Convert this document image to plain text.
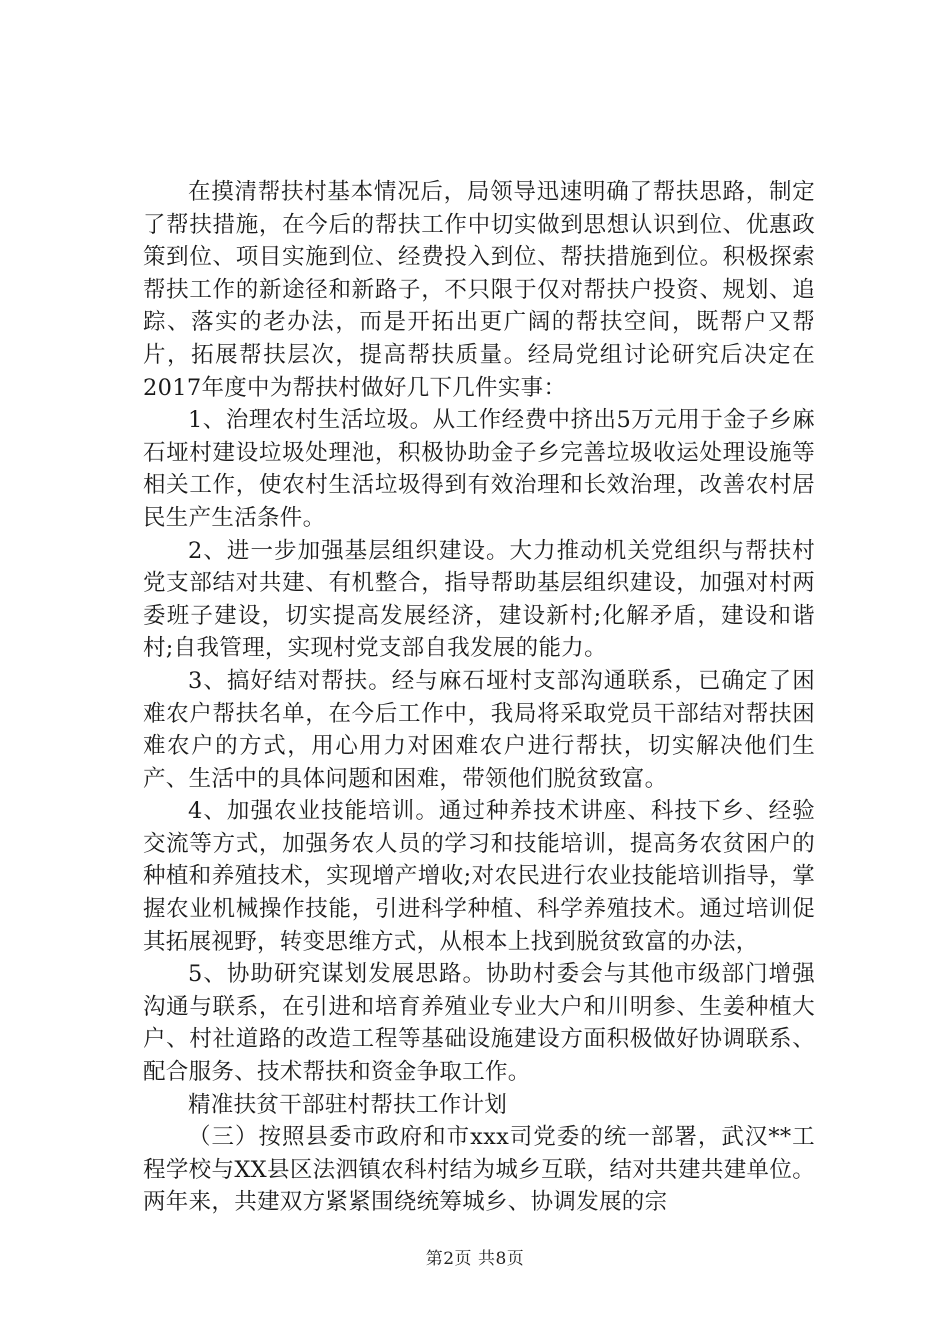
在摸清帮扶村基本情况后，局领导迅速明确了帮扶思路，制定了帮扶措施，在今后的帮扶工作中切实做到思想认识到位、优惠政策到位、项目实施到位、经费投入到位、帮扶措施到位。积极探索帮扶工作的新途径和新路子，不只限于仅对帮扶户投资、规划、追踪、落实的老办法，而是开拓出更广阔的帮扶空间，既帮户又帮片，拓展帮扶层次，提高帮扶质量。经局党组讨论研究后决定在2017年度中为帮扶村做好几下几件实事：

1、治理农村生活垃圾。从工作经费中挤出5万元用于金子乡麻石垭村建设垃圾处理池，积极协助金子乡完善垃圾收运处理设施等相关工作，使农村生活垃圾得到有效治理和长效治理，改善农村居民生产生活条件。

2、进一步加强基层组织建设。大力推动机关党组织与帮扶村党支部结对共建、有机整合，指导帮助基层组织建设，加强对村两委班子建设，切实提高发展经济，建设新村;化解矛盾，建设和谐村;自我管理，实现村党支部自我发展的能力。

3、搞好结对帮扶。经与麻石垭村支部沟通联系，已确定了困难农户帮扶名单，在今后工作中，我局将采取党员干部结对帮扶困难农户的方式，用心用力对困难农户进行帮扶，切实解决他们生产、生活中的具体问题和困难，带领他们脱贫致富。

4、加强农业技能培训。通过种养技术讲座、科技下乡、经验交流等方式，加强务农人员的学习和技能培训，提高务农贫困户的种植和养殖技术，实现增产增收;对农民进行农业技能培训指导，掌握农业机械操作技能，引进科学种植、科学养殖技术。通过培训促其拓展视野，转变思维方式，从根本上找到脱贫致富的办法，

5、协助研究谋划发展思路。协助村委会与其他市级部门增强沟通与联系，在引进和培育养殖业专业大户和川明参、生姜种植大户、村社道路的改造工程等基础设施建设方面积极做好协调联系、配合服务、技术帮扶和资金争取工作。

精准扶贫干部驻村帮扶工作计划

（三）按照县委市政府和市xxx司党委的统一部署，武汉**工程学校与XX县区法泗镇农科村结为城乡互联，结对共建共建单位。两年来，共建双方紧紧围绕统筹城乡、协调发展的宗

第2页 共8页
